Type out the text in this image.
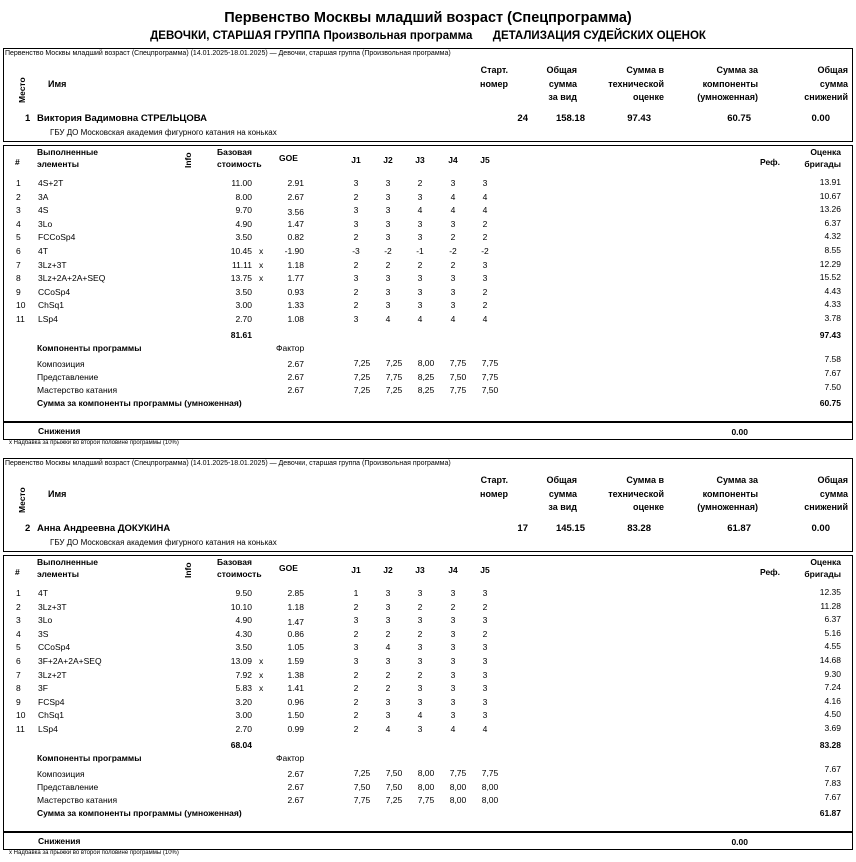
Первенство Москвы младший возраст (Спецпрограмма)
ДЕВОЧКИ, СТАРШАЯ ГРУППА Произвольная программа ДЕТАЛИЗАЦИЯ СУДЕЙСКИХ ОЦЕНОК
Первенство Москвы младший возраст (Спецпрограмма) (14.01.2025-18.01.2025) — Девочки, старшая группа (Произвольная программа)
Место Имя
Старт.
номер
Общая
сумма
за вид
Сумма в
технической
оценке
Сумма за
компоненты
(умноженная)
Общая
сумма
снижений
1 Виктория Вадимовна СТРЕЛЬЦОВА
ГБУ ДО Московская академия фигурного катания на коньках
24	158.18	97.43	60.75	0.00
#
Выполненные
элементы	Info
Базовая
стоимость
GOE	J1	J2	J3	J4	J5	Реф.
Оценка
бригады
1 4S+2T	11.00	2.91	3	3	2	3	3	13.91
2 3A	8.00	2.67	2	3	3	4	4	10.67
3 4S	9.70	3.56	3	3	4	4	4	13.26
4 3Lo	4.90	1.47	3	3	3	3	2	6.37
5 FCCoSp4	3.50	0.82	2	3	3	2	2	4.32
6 4T	10.45 x	-1.90	-3	-2	-1	-2	-2	8.55
7 3Lz+3T	11.11 x	1.18	2	2	2	2	3	12.29
8 3Lz+2A+2A+SEQ	13.75 x	1.77	3	3	3	3	3	15.52
9 CCoSp4	3.50	0.93	2	3	3	3	2	4.43
10 ChSq1	3.00	1.33	2	3	3	3	2	4.33
11 LSp4	2.70	1.08	3	4	4	4	4	3.78
81.61	97.43
Компоненты программы	Фактор
Композиция	2.67	7,25	7,25	8,00	7,75	7,75	7.58
Представление	2.67	7,25	7,75	8,25	7,50	7,75	7.67
Мастерство катания	2.67	7,25	7,25	8,25	7,75	7,50	7.50
Сумма за компоненты программы (умноженная)	60.75
Снижения	0.00
x Надбавка за прыжки во второй половине программы (10%)
Первенство Москвы младший возраст (Спецпрограмма) (14.01.2025-18.01.2025) — Девочки, старшая группа (Произвольная программа)
Место Имя
Старт.
номер
Общая
сумма
за вид
Сумма в
технической
оценке
Сумма за
компоненты
(умноженная)
Общая
сумма
снижений
2 Анна Андреевна ДОКУКИНА
ГБУ ДО Московская академия фигурного катания на коньках
17	145.15	83.28	61.87	0.00
#
Выполненные
элементы	Info
Базовая
стоимость
GOE	J1	J2	J3	J4	J5	Реф.
Оценка
бригады
1 4T	9.50	2.85	1	3	3	3	3	12.35
2 3Lz+3T	10.10	1.18	2	3	2	2	2	11.28
3 3Lo	4.90	1.47	3	3	3	3	3	6.37
4 3S	4.30	0.86	2	2	2	3	2	5.16
5 CCoSp4	3.50	1.05	3	4	3	3	3	4.55
6 3F+2A+2A+SEQ	13.09 x	1.59	3	3	3	3	3	14.68
7 3Lz+2T	7.92 x	1.38	2	2	2	3	3	9.30
8 3F	5.83 x	1.41	2	2	3	3	3	7.24
9 FCSp4	3.20	0.96	2	3	3	3	3	4.16
10 ChSq1	3.00	1.50	2	3	4	3	3	4.50
11 LSp4	2.70	0.99	2	4	3	4	4	3.69
68.04	83.28
Компоненты программы	Фактор
Композиция	2.67	7,25	7,50	8,00	7,75	7,75	7.67
Представление	2.67	7,50	7,50	8,00	8,00	8,00	7.83
Мастерство катания	2.67	7,75	7,25	7,75	8,00	8,00	7.67
Сумма за компоненты программы (умноженная)	61.87
Снижения	0.00
x Надбавка за прыжки во второй половине программы (10%)
